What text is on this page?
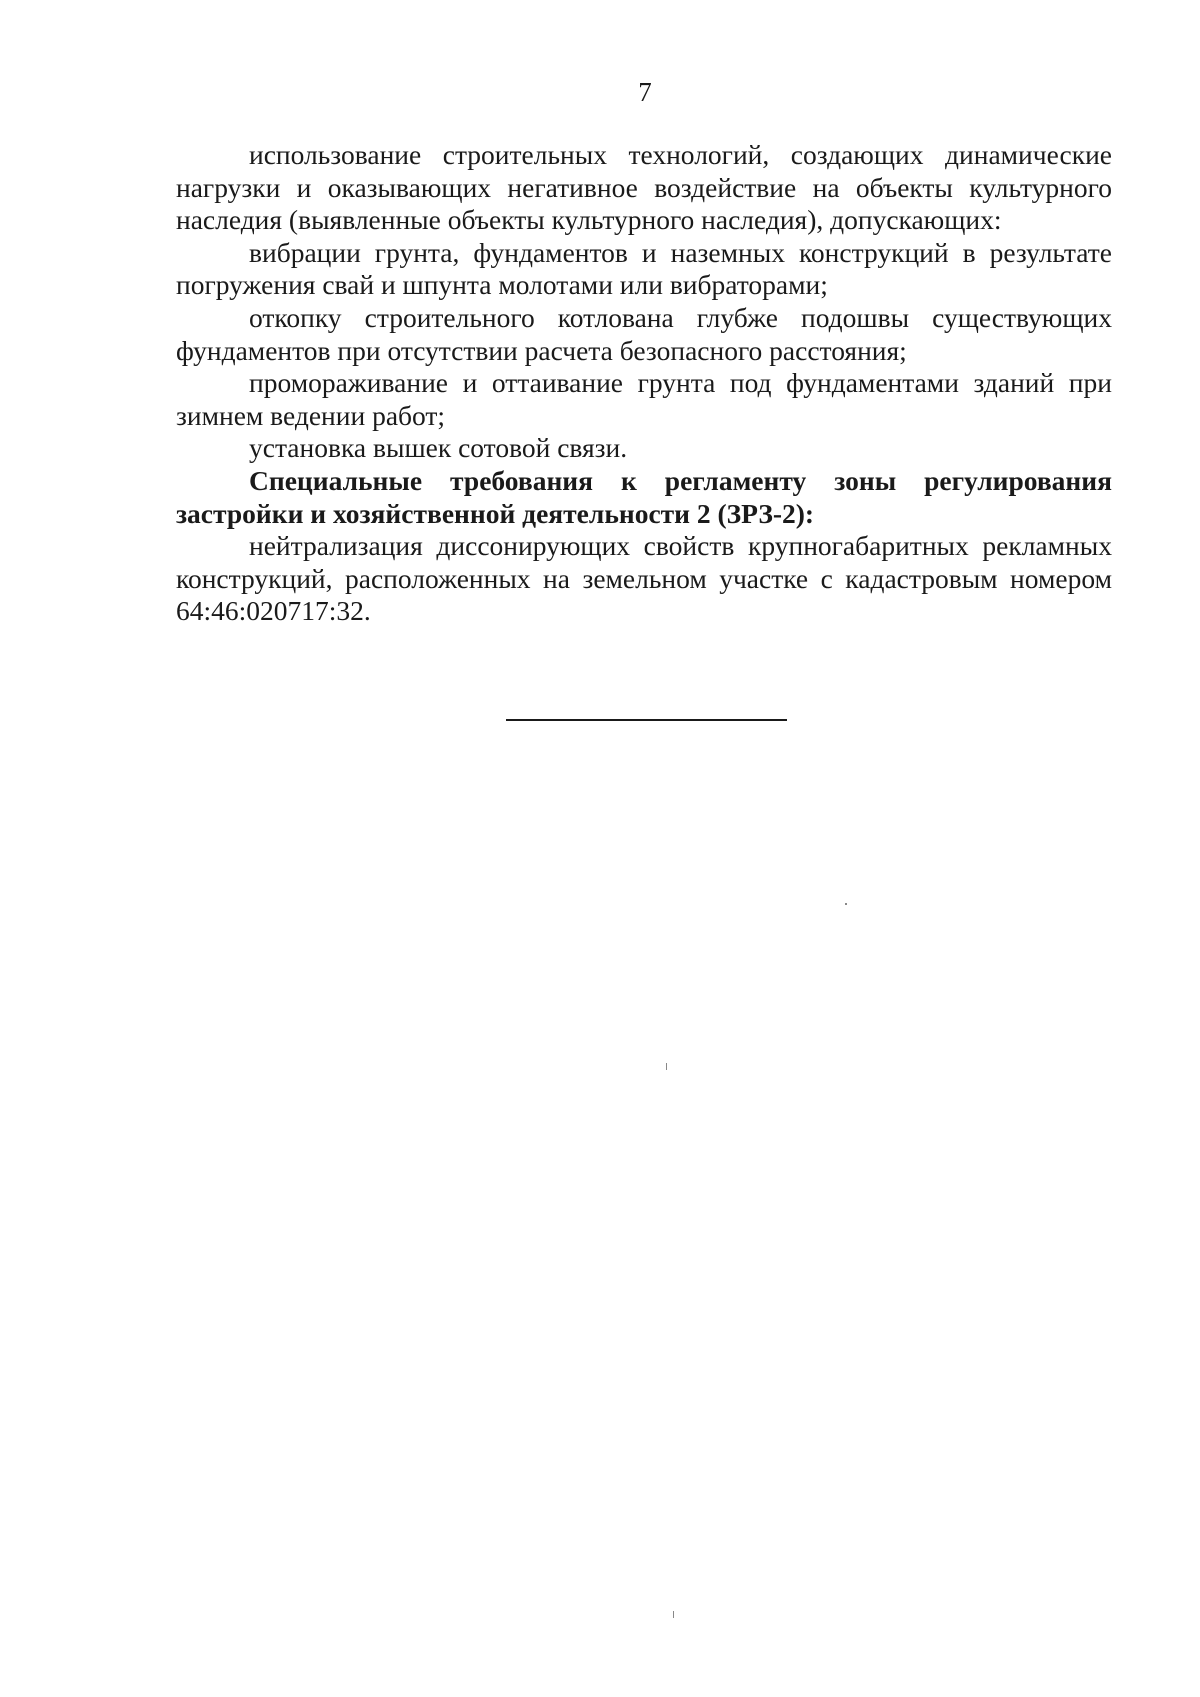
7

использование строительных технологий, создающих динамические нагрузки и оказывающих негативное воздействие на объекты культурного наследия (выявленные объекты культурного наследия), допускающих:

вибрации грунта, фундаментов и наземных конструкций в результате погружения свай и шпунта молотами или вибраторами;

откопку строительного котлована глубже подошвы существующих фундаментов при отсутствии расчета безопасного расстояния;

промораживание и оттаивание грунта под фундаментами зданий при зимнем ведении работ;

установка вышек сотовой связи.

Специальные требования к регламенту зоны регулирования застройки и хозяйственной деятельности 2 (ЗРЗ-2):

нейтрализация диссонирующих свойств крупногабаритных рекламных конструкций, расположенных на земельном участке с кадастровым номером 64:46:020717:32.
